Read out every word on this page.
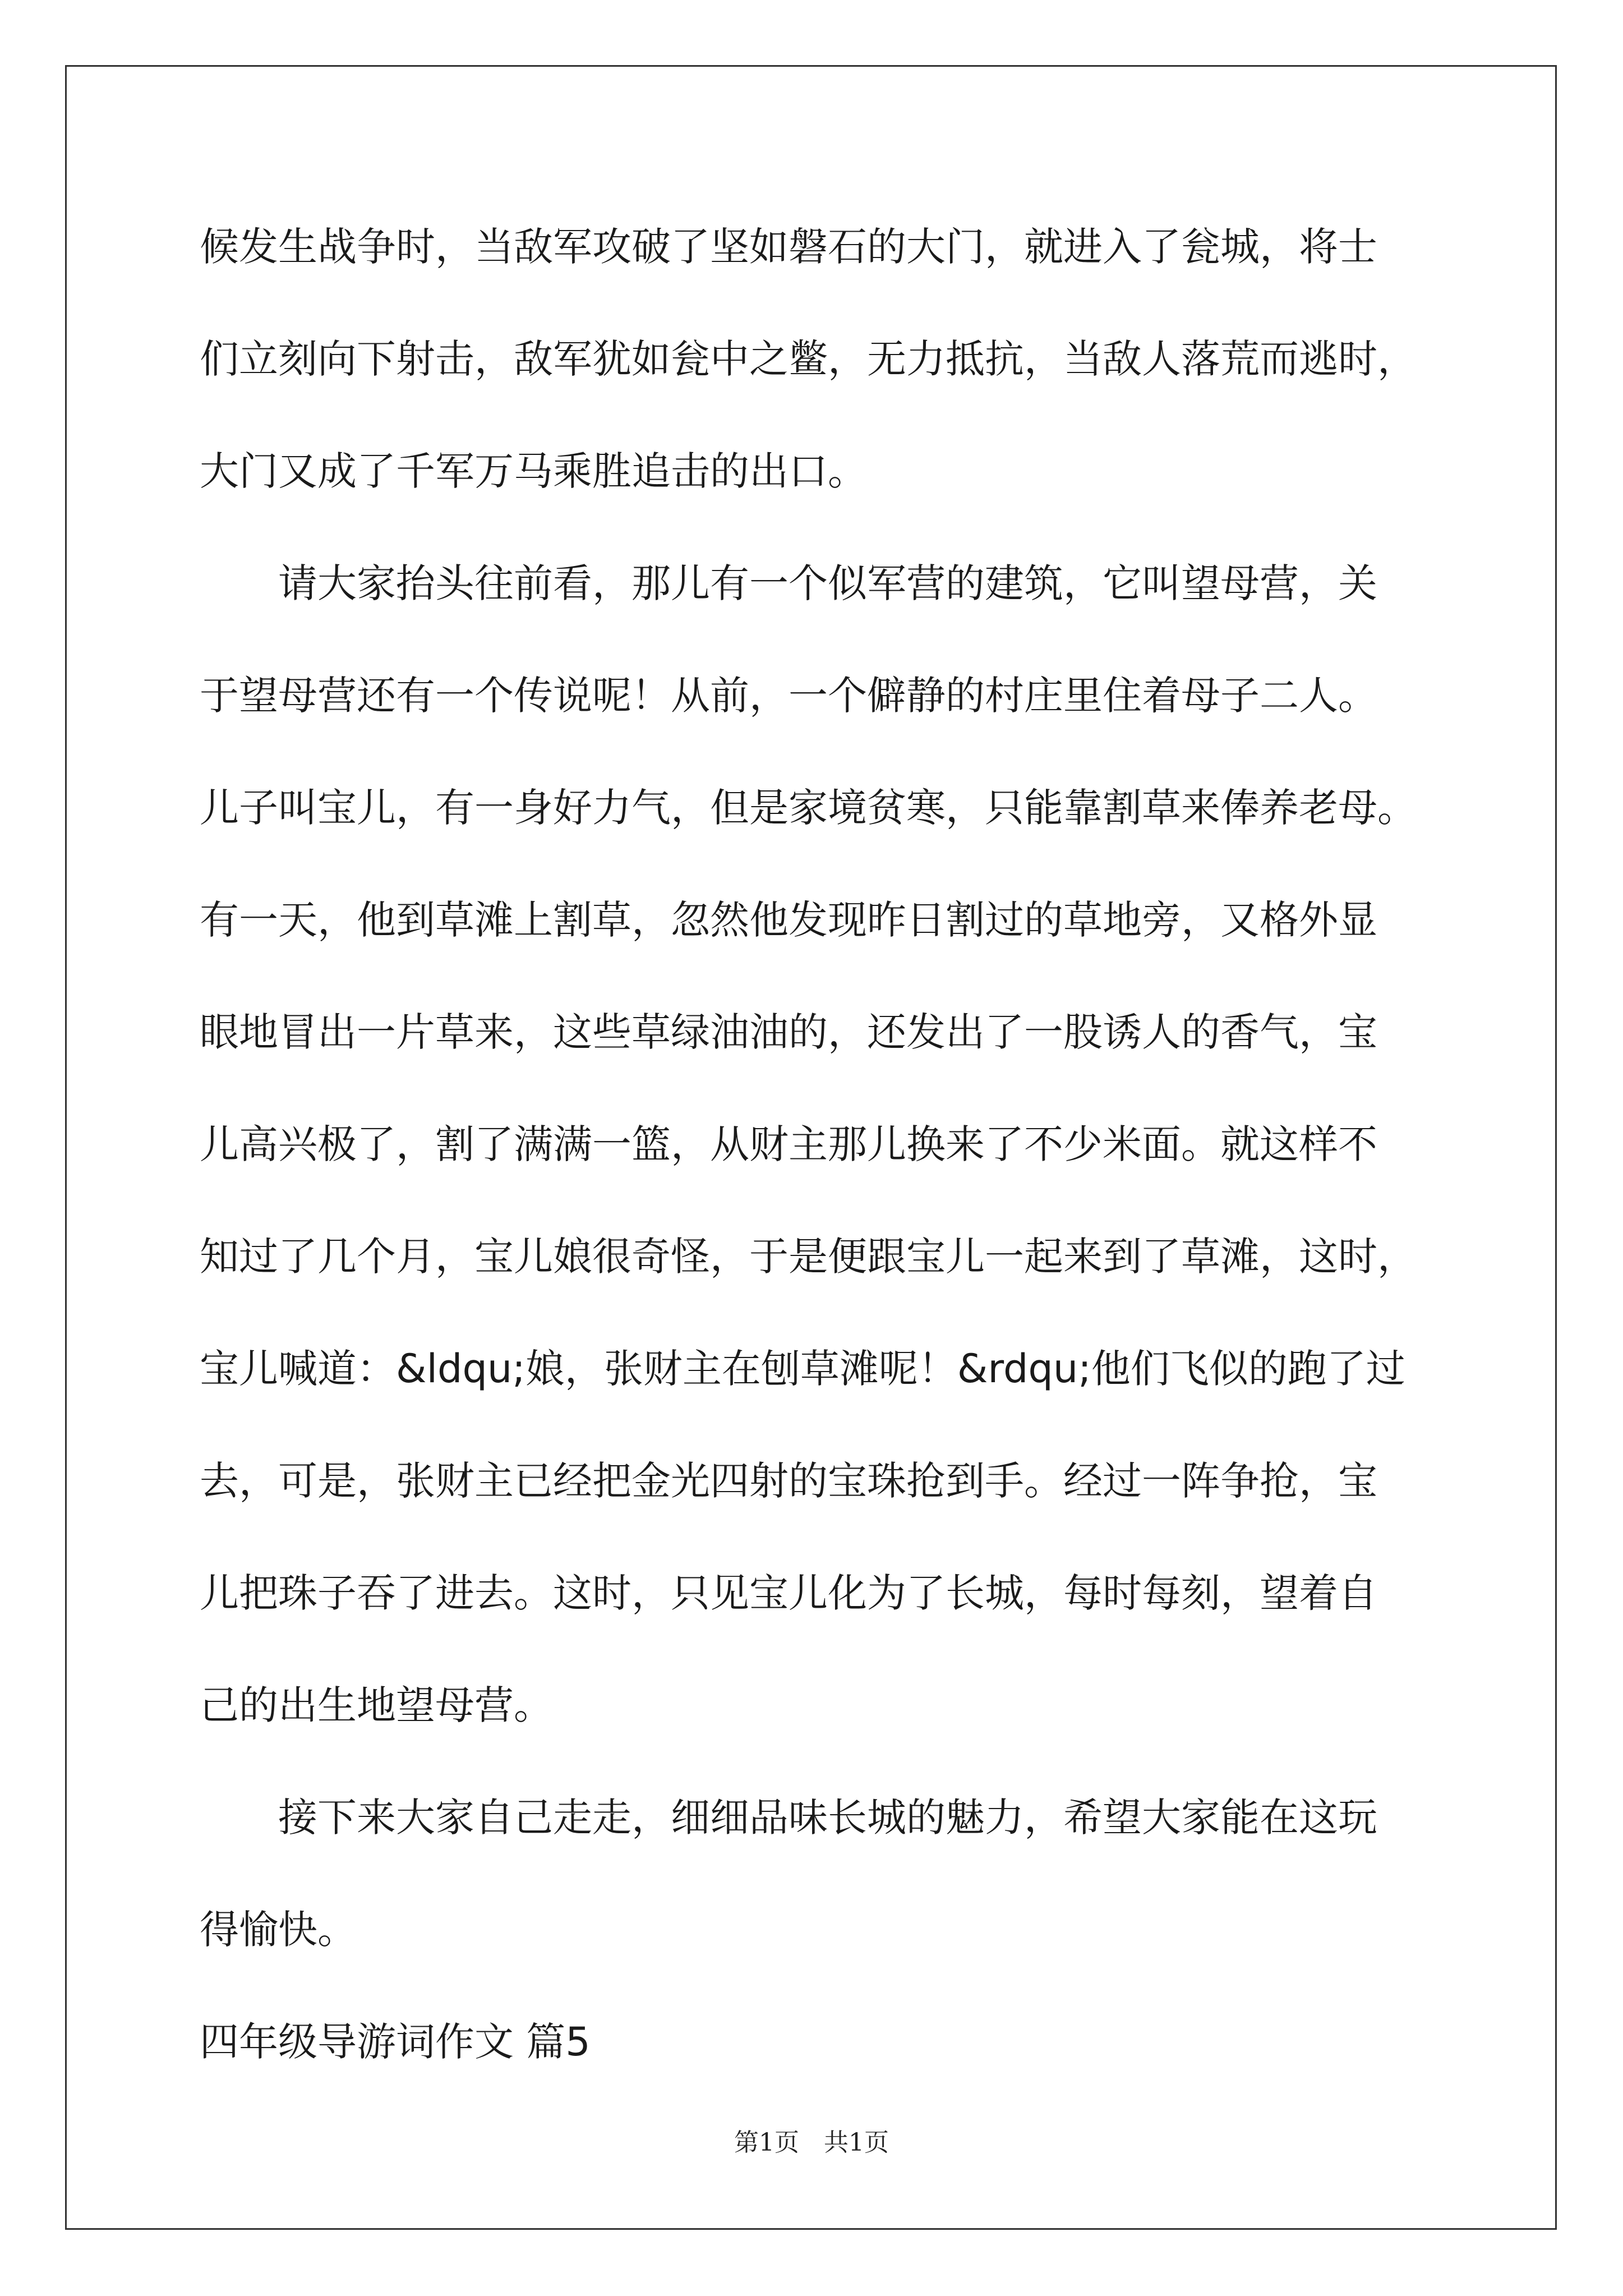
候发生战争时，当敌军攻破了坚如磐石的大门，就进入了瓮城，将士
们立刻向下射击，敌军犹如瓮中之鳖，无力抵抗，当敌人落荒而逃时，
大门又成了千军万马乘胜追击的出口。
　　请大家抬头往前看，那儿有一个似军营的建筑，它叫望母营，关
于望母营还有一个传说呢！从前，一个僻静的村庄里住着母子二人。
儿子叫宝儿，有一身好力气，但是家境贫寒，只能靠割草来俸养老母。
有一天，他到草滩上割草，忽然他发现昨日割过的草地旁，又格外显
眼地冒出一片草来，这些草绿油油的，还发出了一股诱人的香气，宝
儿高兴极了，割了满满一篮，从财主那儿换来了不少米面。就这样不
知过了几个月，宝儿娘很奇怪，于是便跟宝儿一起来到了草滩，这时，
宝儿喊道：&ldqu;娘，张财主在刨草滩呢！&rdqu;他们飞似的跑了过
去，可是，张财主已经把金光四射的宝珠抢到手。经过一阵争抢，宝
儿把珠子吞了进去。这时，只见宝儿化为了长城，每时每刻，望着自
己的出生地望母营。
　　接下来大家自己走走，细细品味长城的魅力，希望大家能在这玩
得愉快。
四年级导游词作文 篇5
第1页　共1页
